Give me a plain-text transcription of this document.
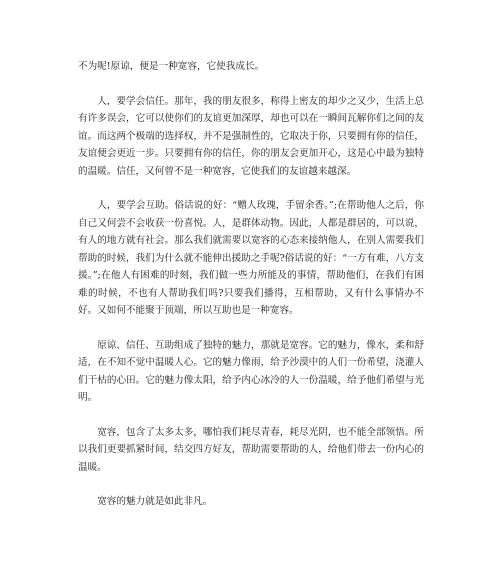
不为呢!原谅，便是一种宽容，它使我成长。

人，要学会信任。那年，我的朋友很多，称得上密友的却少之又少，生活上总有许多误会，它可以使你们的友谊更加深厚，却也可以在一瞬间瓦解你们之间的友谊。而这两个极端的选择权，并不是强制性的，它取决于你，只要拥有你的信任，友谊便会更近一步。只要拥有你的信任，你的朋友会更加开心，这是心中最为独特的温暖。信任，又何曾不是一种宽容，它使我们的友谊越来越深。

人，要学会互助。俗话说的好：“赠人玫瑰，手留余香。”;在帮助他人之后，你自己又何尝不会收获一份喜悦。人，是群体动物。因此，人都是群居的，可以说，有人的地方就有社会。那么我们就需要以宽容的心态来接纳他人，在别人需要我们帮助的时候，我们为什么就不能伸出援助之手呢?俗话说的好：“一方有难，八方支援。”;在他人有困难的时刻，我们做一些力所能及的事情，帮助他们，在我们有困难的时候，不也有人帮助我们吗?只要我们播得，互相帮助，又有什么事情办不好。又如何不能聚于顶端，所以互助也是一种宽容。

原谅、信任、互助组成了独特的魅力，那就是宽容。它的魅力，像水，柔和舒适，在不知不觉中温暖人心。它的魅力像雨，给予沙漠中的人们一份希望，浇灌人们干枯的心田。它的魅力像太阳，给予内心冰冷的人一份温暖，给予他们希望与光明。

宽容，包含了太多太多，哪怕我们耗尽青春，耗尽光阴，也不能全部领悟。所以我们更要抓紧时间，结交四方好友，帮助需要帮助的人，给他们带去一份内心的温暖。

宽容的魅力就是如此非凡。
